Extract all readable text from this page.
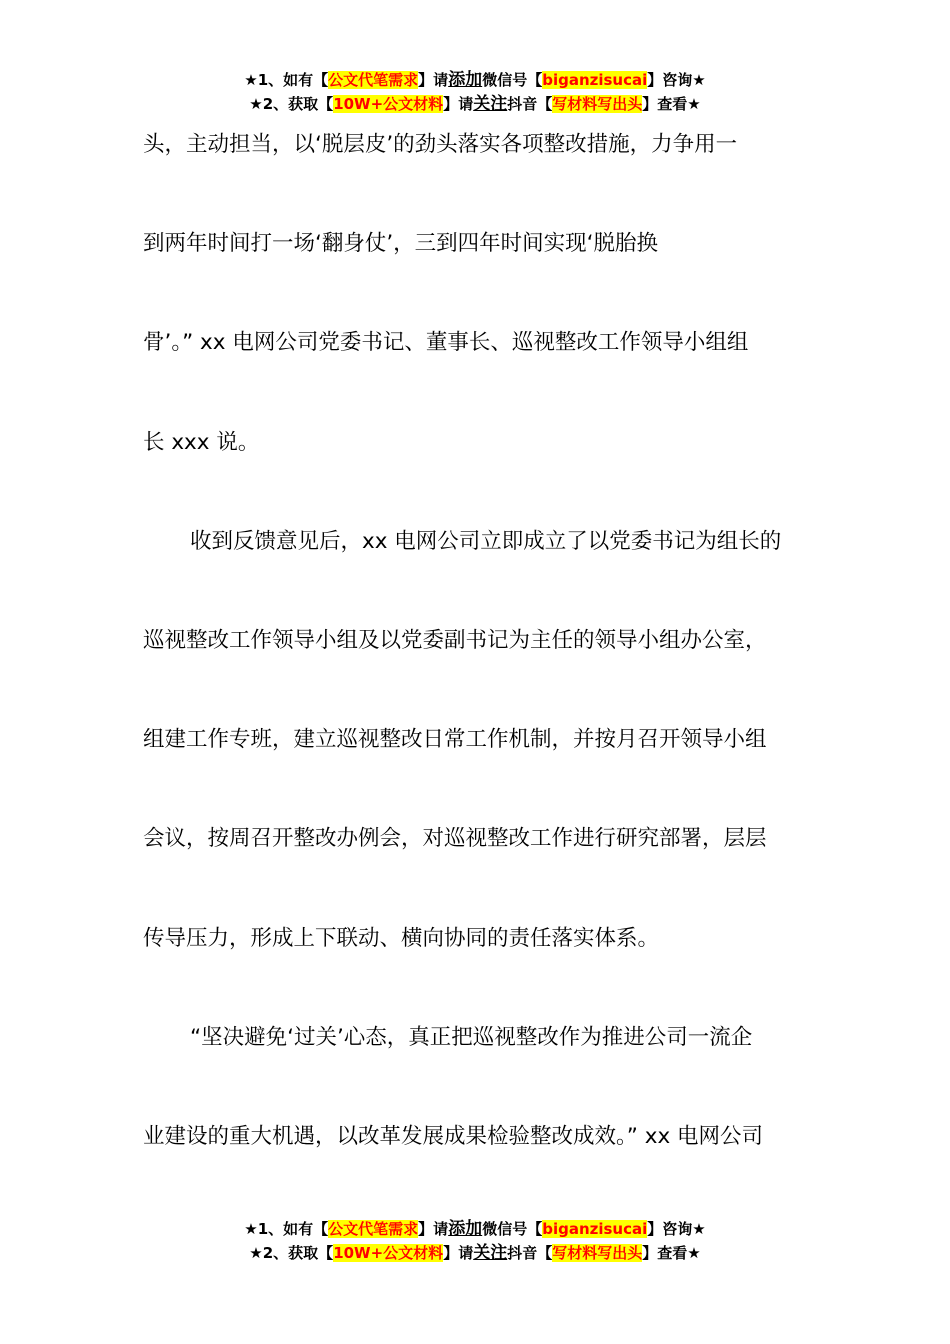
★1、如有【公文代笔需求】请添加微信号【biganzisucai】咨询★
★2、获取【10W+公文材料】请关注抖音【写材料写出头】查看★
头，主动担当，以‘脱层皮’的劲头落实各项整改措施，力争用一
到两年时间打一场‘翻身仗’，三到四年时间实现‘脱胎换
骨’。” xx 电网公司党委书记、董事长、巡视整改工作领导小组组
长 xxx 说。
收到反馈意见后，xx 电网公司立即成立了以党委书记为组长的
巡视整改工作领导小组及以党委副书记为主任的领导小组办公室，
组建工作专班，建立巡视整改日常工作机制，并按月召开领导小组
会议，按周召开整改办例会，对巡视整改工作进行研究部署，层层
传导压力，形成上下联动、横向协同的责任落实体系。
“坚决避免‘过关’心态，真正把巡视整改作为推进公司一流企
业建设的重大机遇，以改革发展成果检验整改成效。” xx 电网公司
★1、如有【公文代笔需求】请添加微信号【biganzisucai】咨询★
★2、获取【10W+公文材料】请关注抖音【写材料写出头】查看★
